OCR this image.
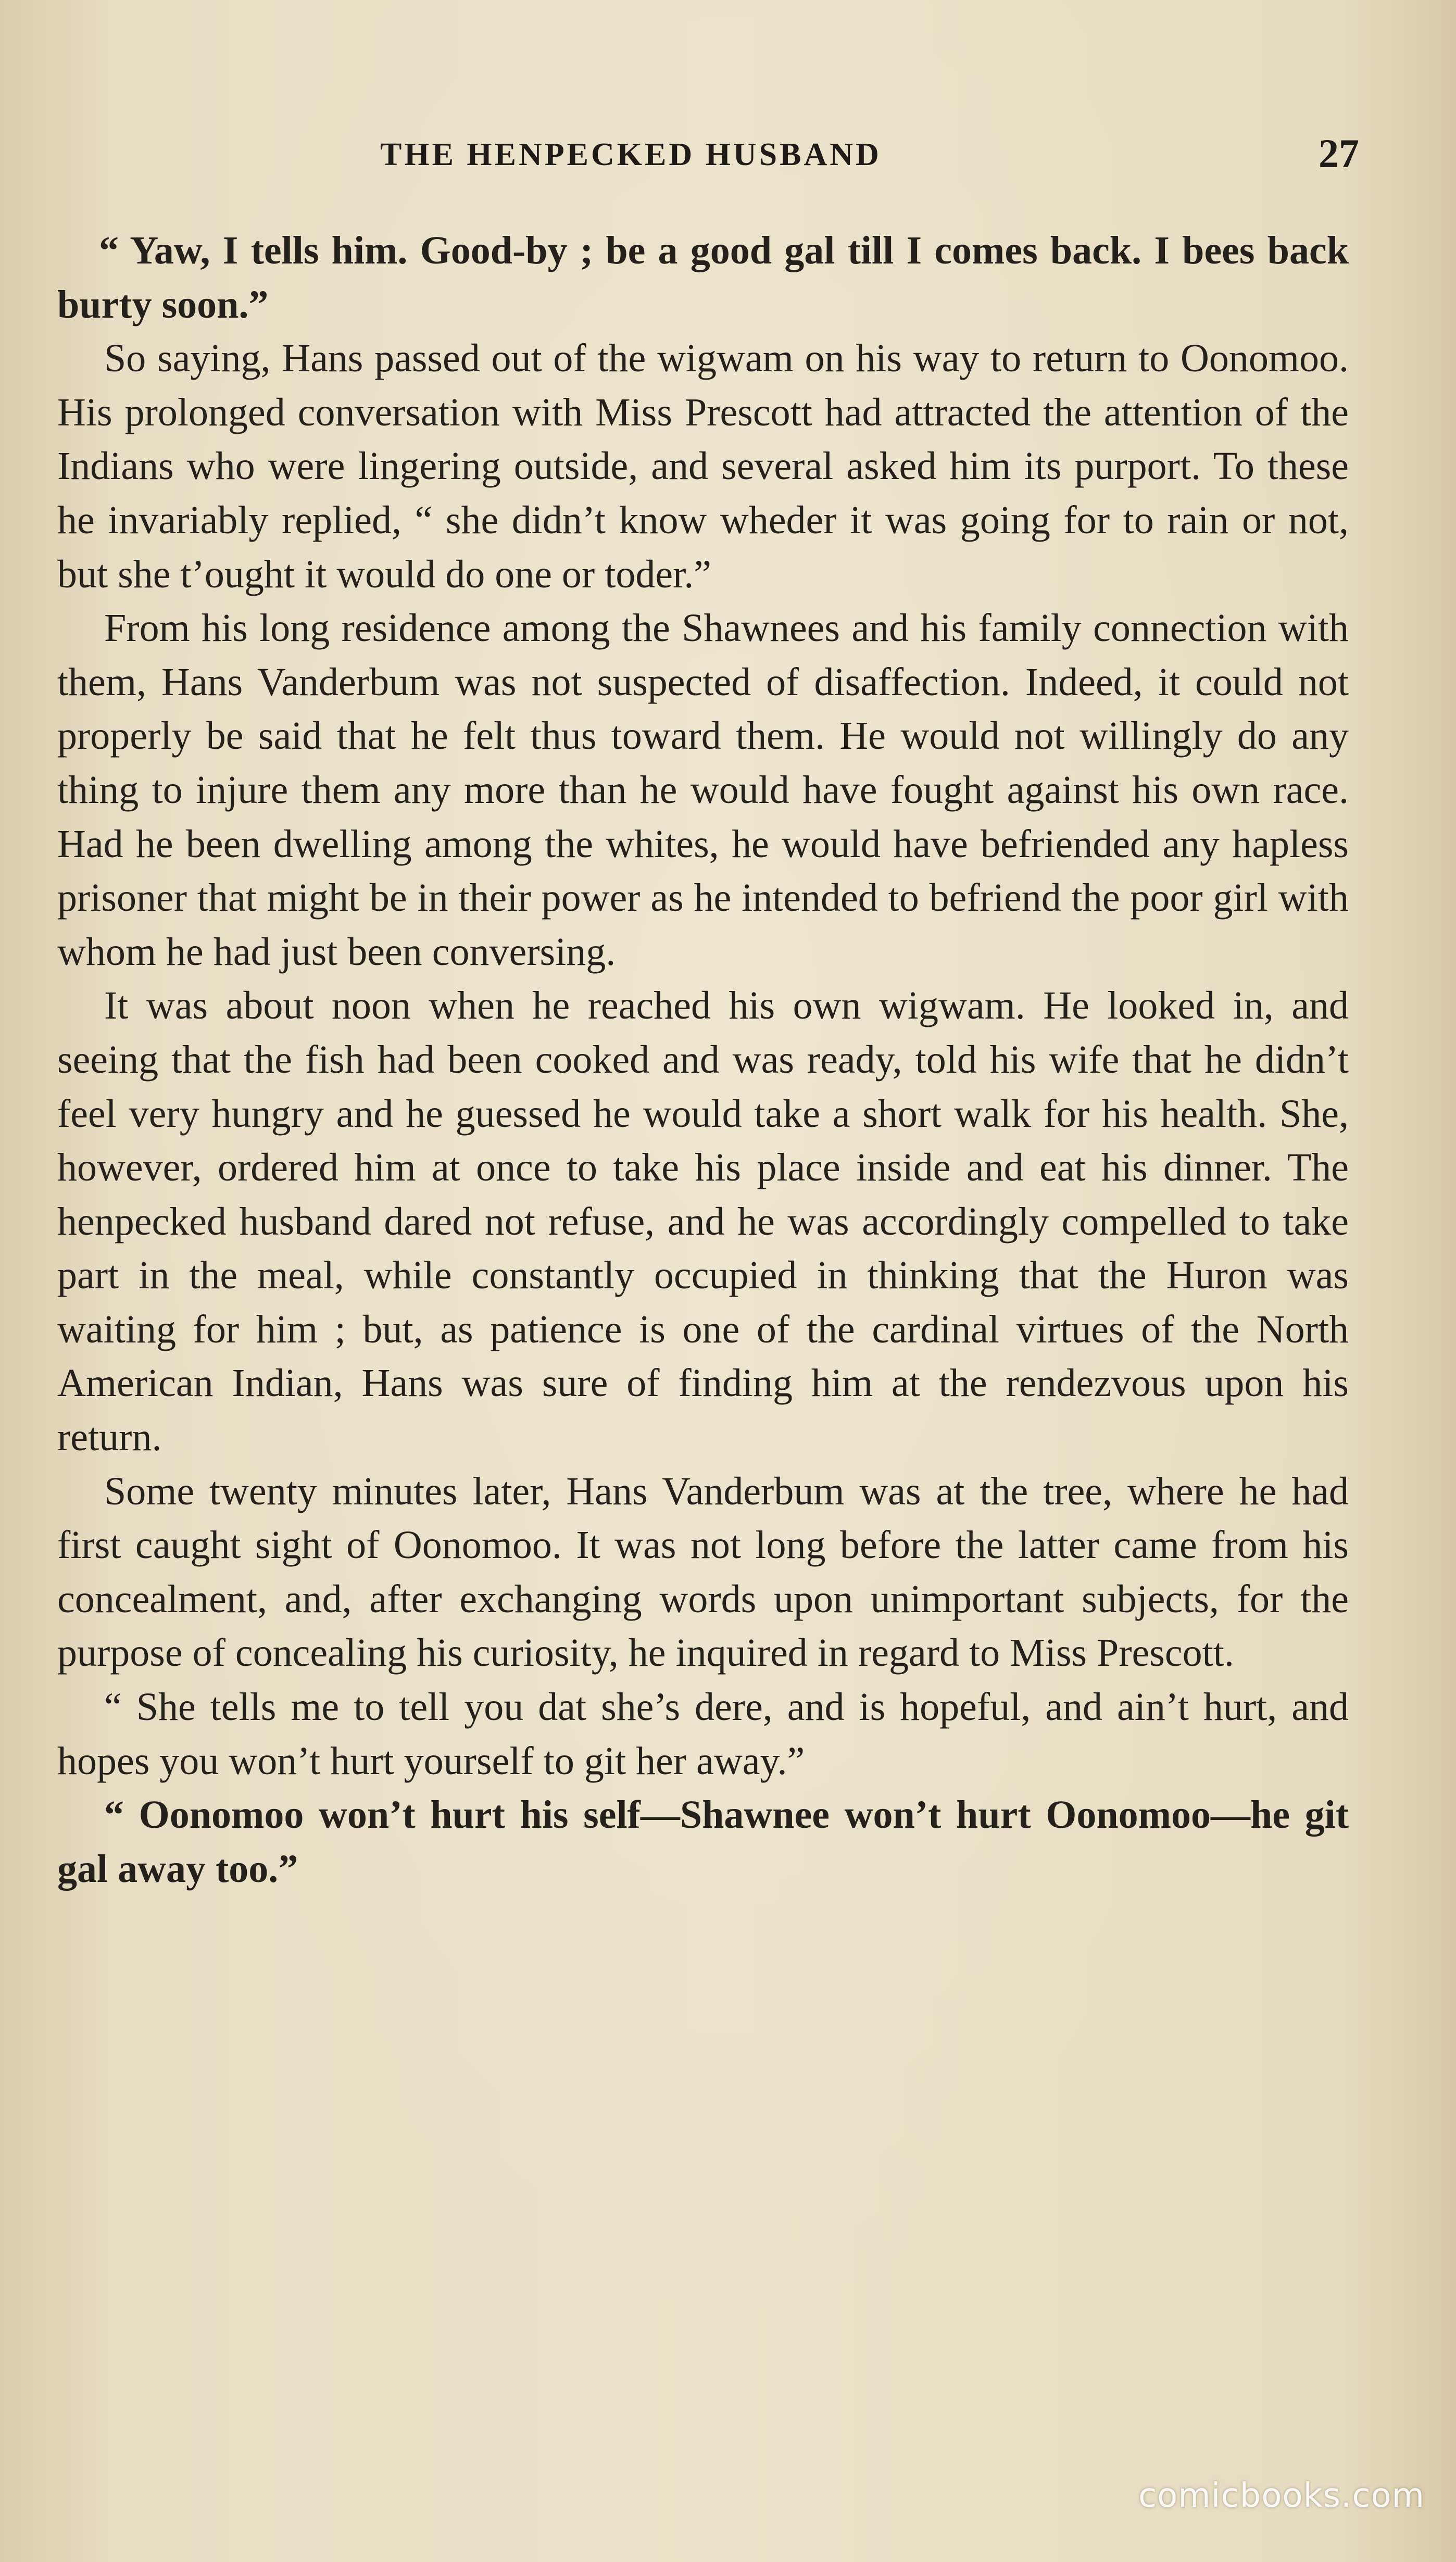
THE HENPECKED HUSBAND	27

“ Yaw, I tells him. Good-by ; be a good gal till I comes back. I bees back burty soon.”

So saying, Hans passed out of the wigwam on his way to return to Oonomoo. His prolonged conversation with Miss Prescott had attracted the attention of the Indians who were lingering outside, and several asked him its purport. To these he invariably replied, “ she didn’t know wheder it was going for to rain or not, but she t’ought it would do one or toder.”

From his long residence among the Shawnees and his family connection with them, Hans Vanderbum was not suspected of disaffection. Indeed, it could not properly be said that he felt thus toward them. He would not willingly do any thing to injure them any more than he would have fought against his own race. Had he been dwelling among the whites, he would have befriended any hapless prisoner that might be in their power as he intended to befriend the poor girl with whom he had just been conversing.

It was about noon when he reached his own wigwam. He looked in, and seeing that the fish had been cooked and was ready, told his wife that he didn’t feel very hungry and he guessed he would take a short walk for his health. She, however, ordered him at once to take his place inside and eat his dinner. The henpecked husband dared not refuse, and he was accordingly compelled to take part in the meal, while constantly occupied in thinking that the Huron was waiting for him ; but, as patience is one of the cardinal virtues of the North American Indian, Hans was sure of finding him at the rendezvous upon his return.

Some twenty minutes later, Hans Vanderbum was at the tree, where he had first caught sight of Oonomoo. It was not long before the latter came from his concealment, and, after exchanging words upon unimportant subjects, for the purpose of concealing his curiosity, he inquired in regard to Miss Prescott.

“ She tells me to tell you dat she’s dere, and is hopeful, and ain’t hurt, and hopes you won’t hurt yourself to git her away.”

“ Oonomoo won’t hurt his self—Shawnee won’t hurt Oonomoo—he git gal away too.”

comicbooks.com
